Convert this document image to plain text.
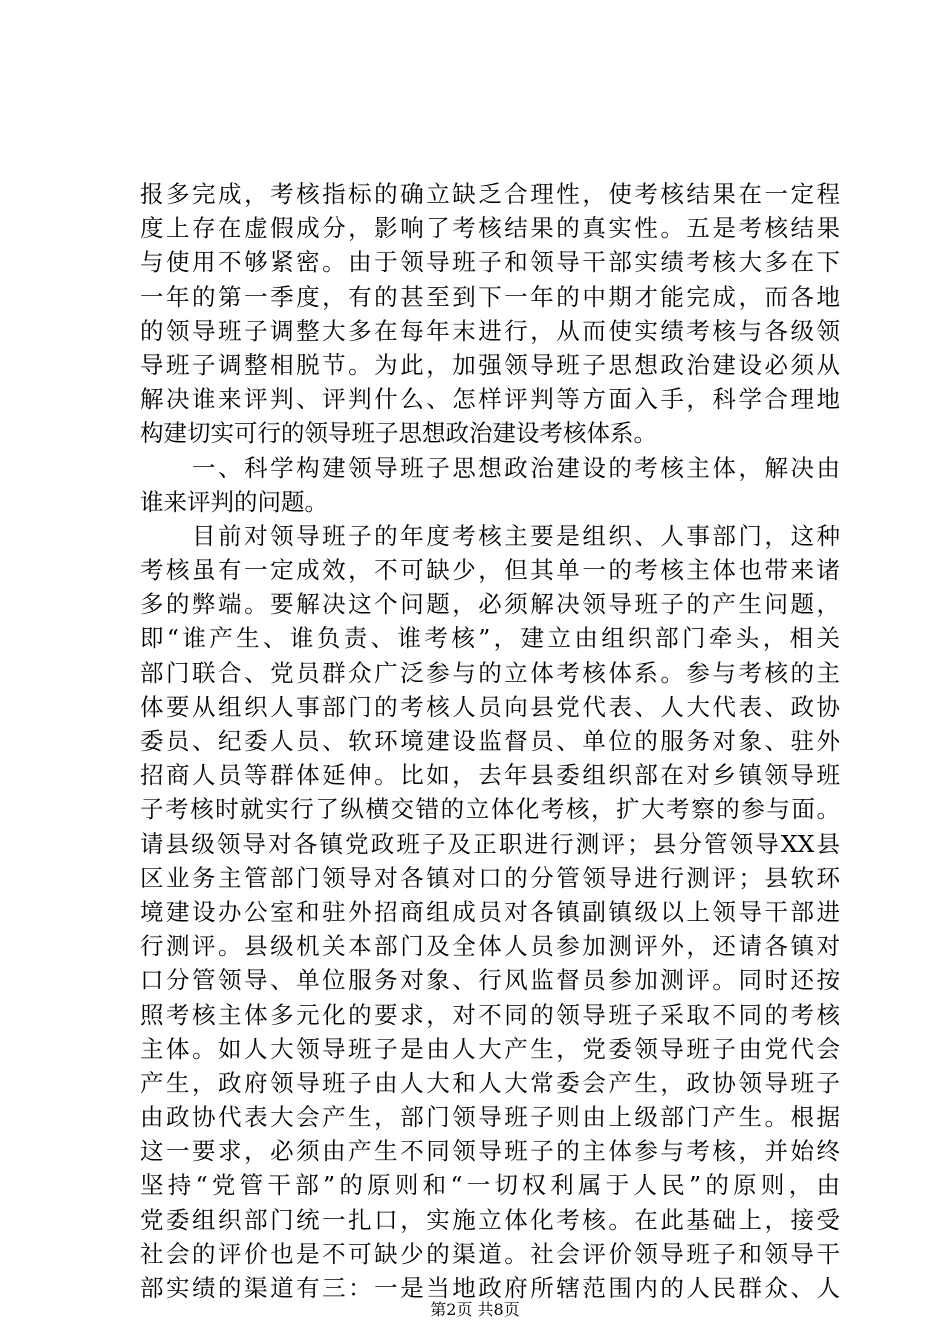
报多完成，考核指标的确立缺乏合理性，使考核结果在一定程
度上存在虚假成分，影响了考核结果的真实性。五是考核结果
与使用不够紧密。由于领导班子和领导干部实绩考核大多在下
一年的第一季度，有的甚至到下一年的中期才能完成，而各地
的领导班子调整大多在每年末进行，从而使实绩考核与各级领
导班子调整相脱节。为此，加强领导班子思想政治建设必须从
解决谁来评判、评判什么、怎样评判等方面入手，科学合理地
构建切实可行的领导班子思想政治建设考核体系。
　　一、科学构建领导班子思想政治建设的考核主体，解决由
谁来评判的问题。
　　目前对领导班子的年度考核主要是组织、人事部门，这种
考核虽有一定成效，不可缺少，但其单一的考核主体也带来诸
多的弊端。要解决这个问题，必须解决领导班子的产生问题，
即“谁产生、谁负责、谁考核”，建立由组织部门牵头，相关
部门联合、党员群众广泛参与的立体考核体系。参与考核的主
体要从组织人事部门的考核人员向县党代表、人大代表、政协
委员、纪委人员、软环境建设监督员、单位的服务对象、驻外
招商人员等群体延伸。比如，去年县委组织部在对乡镇领导班
子考核时就实行了纵横交错的立体化考核，扩大考察的参与面。
请县级领导对各镇党政班子及正职进行测评；县分管领导XX县
区业务主管部门领导对各镇对口的分管领导进行测评；县软环
境建设办公室和驻外招商组成员对各镇副镇级以上领导干部进
行测评。县级机关本部门及全体人员参加测评外，还请各镇对
口分管领导、单位服务对象、行风监督员参加测评。同时还按
照考核主体多元化的要求，对不同的领导班子采取不同的考核
主体。如人大领导班子是由人大产生，党委领导班子由党代会
产生，政府领导班子由人大和人大常委会产生，政协领导班子
由政协代表大会产生，部门领导班子则由上级部门产生。根据
这一要求，必须由产生不同领导班子的主体参与考核，并始终
坚持“党管干部”的原则和“一切权利属于人民”的原则，由
党委组织部门统一扎口，实施立体化考核。在此基础上，接受
社会的评价也是不可缺少的渠道。社会评价领导班子和领导干
部实绩的渠道有三：一是当地政府所辖范围内的人民群众、人
第2页 共8页
